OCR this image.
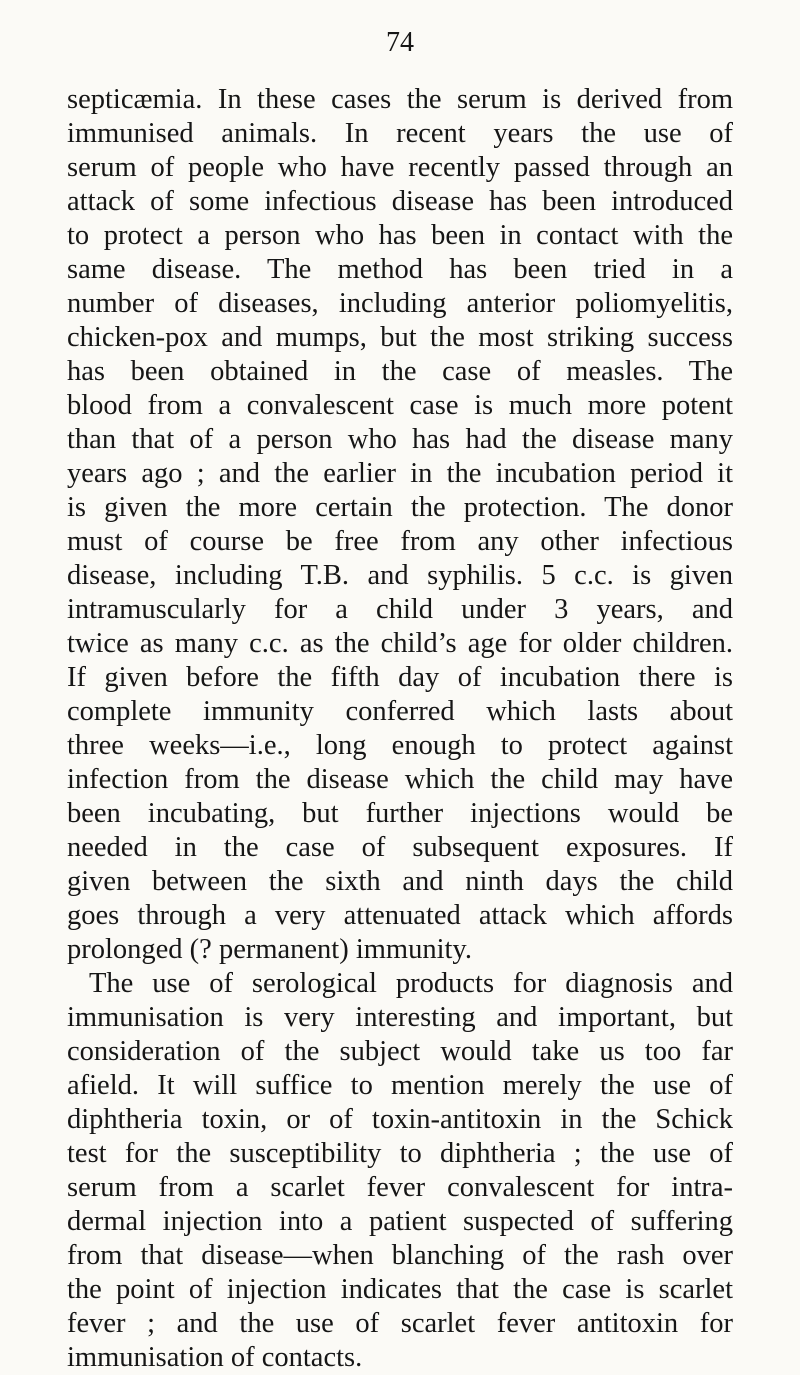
74
septicæmia. In these cases the serum is derived from
immunised animals. In recent years the use of
serum of people who have recently passed through an
attack of some infectious disease has been introduced
to protect a person who has been in contact with the
same disease. The method has been tried in a
number of diseases, including anterior poliomyelitis,
chicken-pox and mumps, but the most striking success
has been obtained in the case of measles. The
blood from a convalescent case is much more potent
than that of a person who has had the disease many
years ago ; and the earlier in the incubation period it
is given the more certain the protection. The donor
must of course be free from any other infectious
disease, including T.B. and syphilis. 5 c.c. is given
intramuscularly for a child under 3 years, and
twice as many c.c. as the child’s age for older children.
If given before the fifth day of incubation there is
complete immunity conferred which lasts about
three weeks—i.e., long enough to protect against
infection from the disease which the child may have
been incubating, but further injections would be
needed in the case of subsequent exposures. If
given between the sixth and ninth days the child
goes through a very attenuated attack which affords
prolonged (? permanent) immunity.
The use of serological products for diagnosis and
immunisation is very interesting and important, but
consideration of the subject would take us too far
afield. It will suffice to mention merely the use of
diphtheria toxin, or of toxin-antitoxin in the Schick
test for the susceptibility to diphtheria ; the use of
serum from a scarlet fever convalescent for intra-
dermal injection into a patient suspected of suffering
from that disease—when blanching of the rash over
the point of injection indicates that the case is scarlet
fever ; and the use of scarlet fever antitoxin for
immunisation of contacts.
